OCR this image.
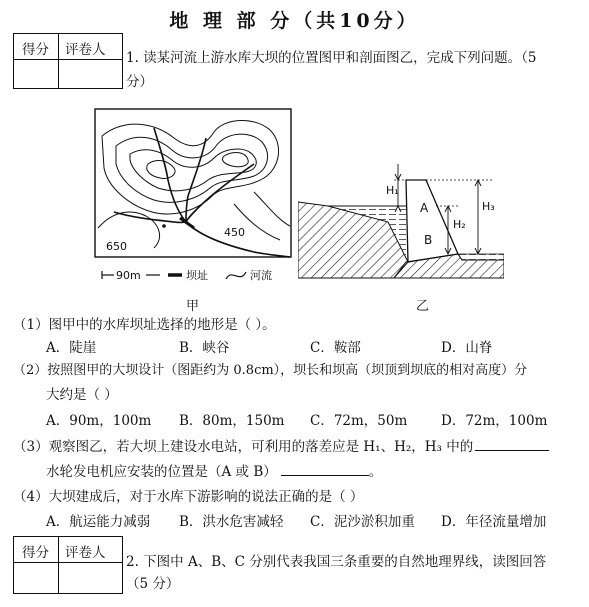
地 理 部 分（共10分）
得分 评卷人 1. 读某河流上游水库大坝的位置图甲和剖面图乙，完成下列问题。（5
分）
650
450
90m	坝址	河流
甲
H₁
H₂
H₃
A
B
乙
（1）图甲中的水库坝址选择的地形是（ ）。
A．陡崖	B．峡谷	C．鞍部	D．山脊
（2）按照图甲的大坝设计（图距约为 0.8cm），坝长和坝高（坝顶到坝底的相对高度）分
大约是（ ）
A．90m，100m B．80m，150m C．72m，50m D．72m，100m
（3）观察图乙，若大坝上建设水电站，可利用的落差应是 H₁、H₂，H₃ 中的
水轮发电机应安装的位置是（A 或 B）	。
（4）大坝建成后，对于水库下游影响的说法正确的是（ ）
A．航运能力减弱 B．洪水危害减轻 C．泥沙淤积加重 D．年径流量增加
得分 评卷人
2. 下图中 A、B、C 分别代表我国三条重要的自然地理界线，读图回答
（5 分）
